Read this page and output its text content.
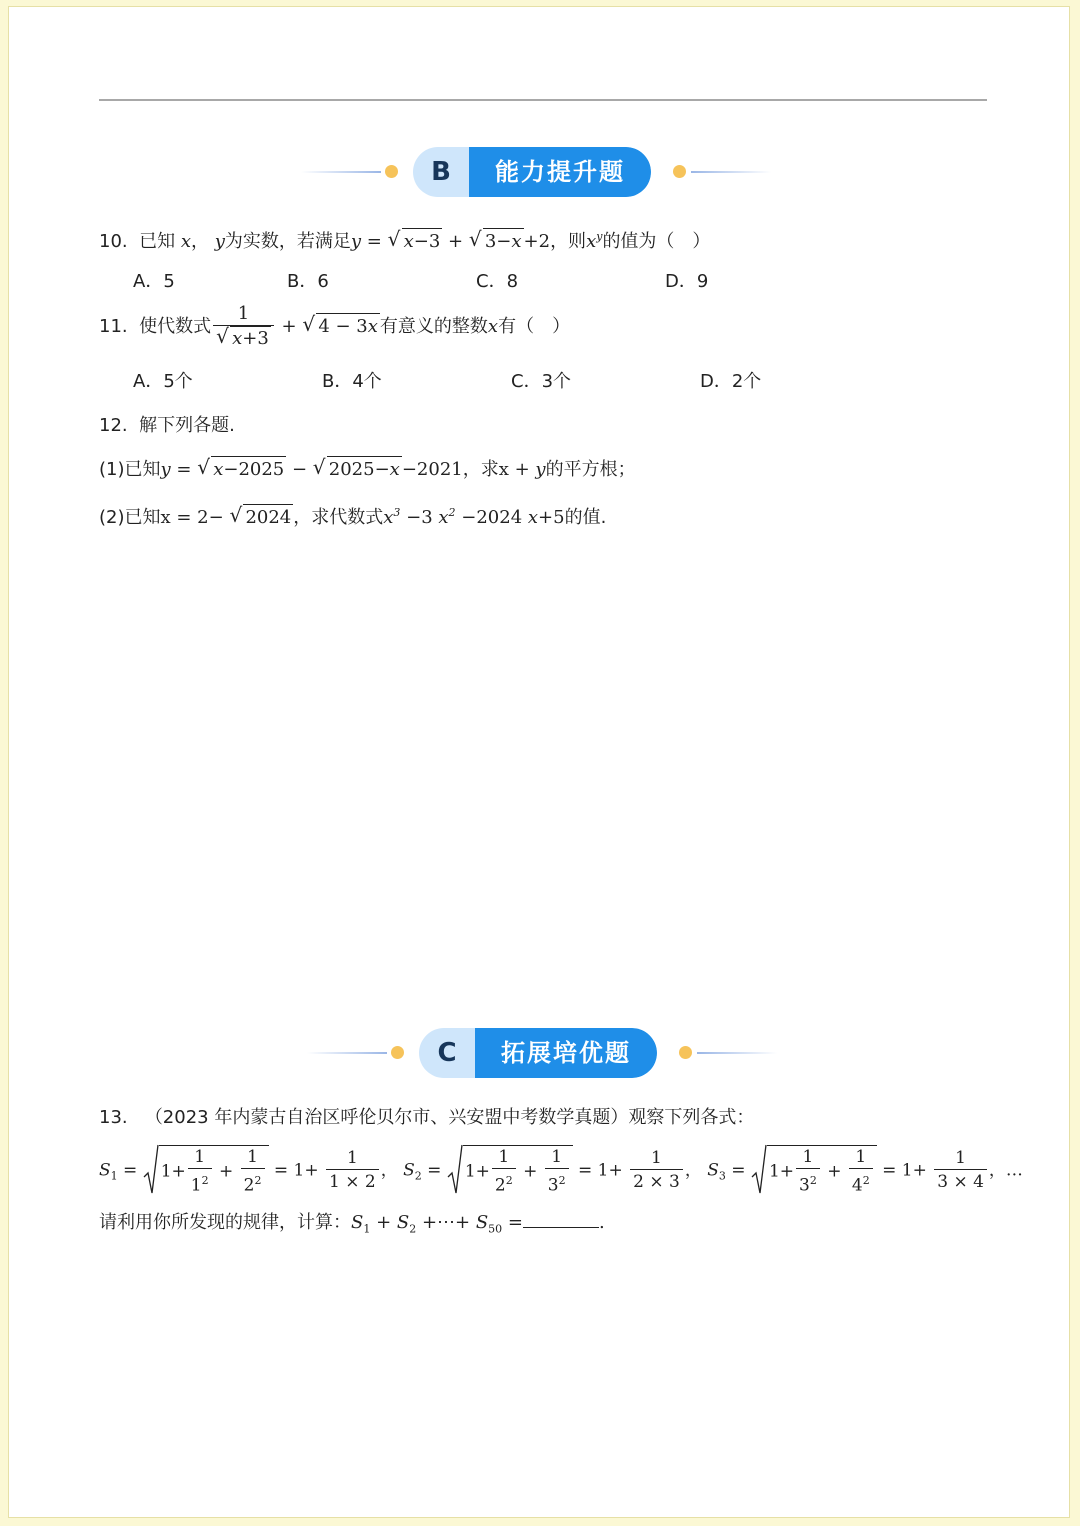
B	能力提升题
10. 已知 x， y为实数，若满足y = √ x−3 + √ 3−x +2，则$x^y$的值为（　）
A．5	B．6	C．8	D．9
11. 使代数式 1
√ x+3 + √ 4 − 3x 有意义的整数x有（　）
A．5个	B．4个	C．3个	D．2个
12. 解下列各题.
(1)已知y = √ x−2025 − √ 2025−x −2021，求x + y的平方根；
(2)已知x = 2− √ 2024 ，求代数式$x^3 -3$ $x^2 -2024$ x+5的值.
C	拓展培优题
13. （2023 年内蒙古自治区呼伦贝尔市、兴安盟中考数学真题）观察下列各式：
$S_1$ =
$1+ \frac{1}{1^2} + \frac{1}{2^2} = 1+ \frac{1}{1 \times 2}$ ， $S_2$ =
$1+ \frac{1}{2^2} + \frac{1}{3^2} = 1+ \frac{1}{2 \times 3}$ ， $S_3$ =
$1+ \frac{1}{3^2} + \frac{1}{4^2} = 1+ \frac{1}{3 \times 4}$ ，…
请利用你所发现的规律，计算：$S_1 + S_2$ +⋯+ $S_{50}$ =	.
